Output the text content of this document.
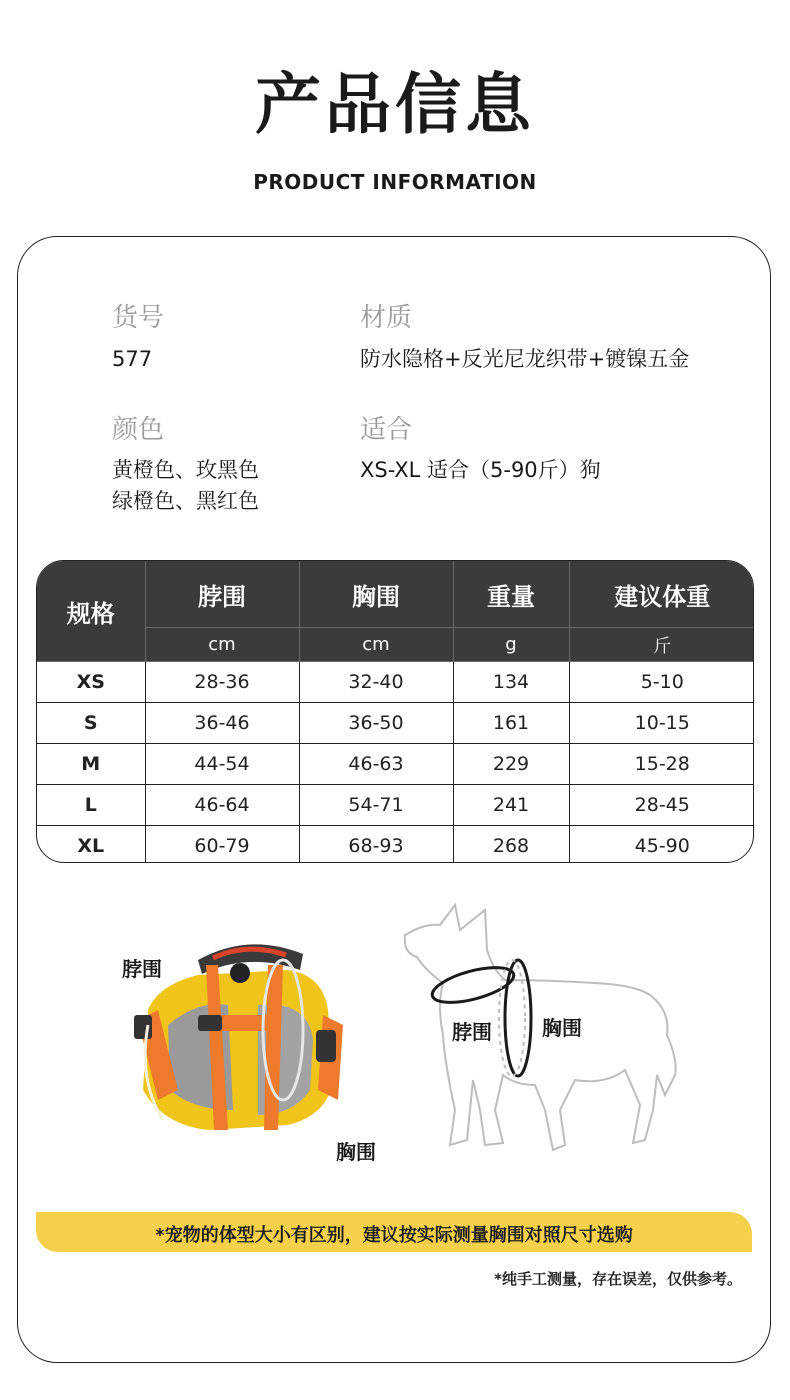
产品信息
PRODUCT INFORMATION
货号
577
材质
防水隐格+反光尼龙织带+镀镍五金
颜色
黄橙色、玫黑色
绿橙色、黑红色
适合
XS-XL 适合（5-90斤）狗
规格	脖围	胸围	重量	建议体重
	cm	cm	g	斤
XS	28-36	32-40	134	5-10
S	36-46	36-50	161	10-15
M	44-54	46-63	229	15-28
L	46-64	54-71	241	28-45
XL	60-79	68-93	268	45-90
脖围
胸围
脖围	胸围
*宠物的体型大小有区别，建议按实际测量胸围对照尺寸选购
*纯手工测量，存在误差，仅供参考。
